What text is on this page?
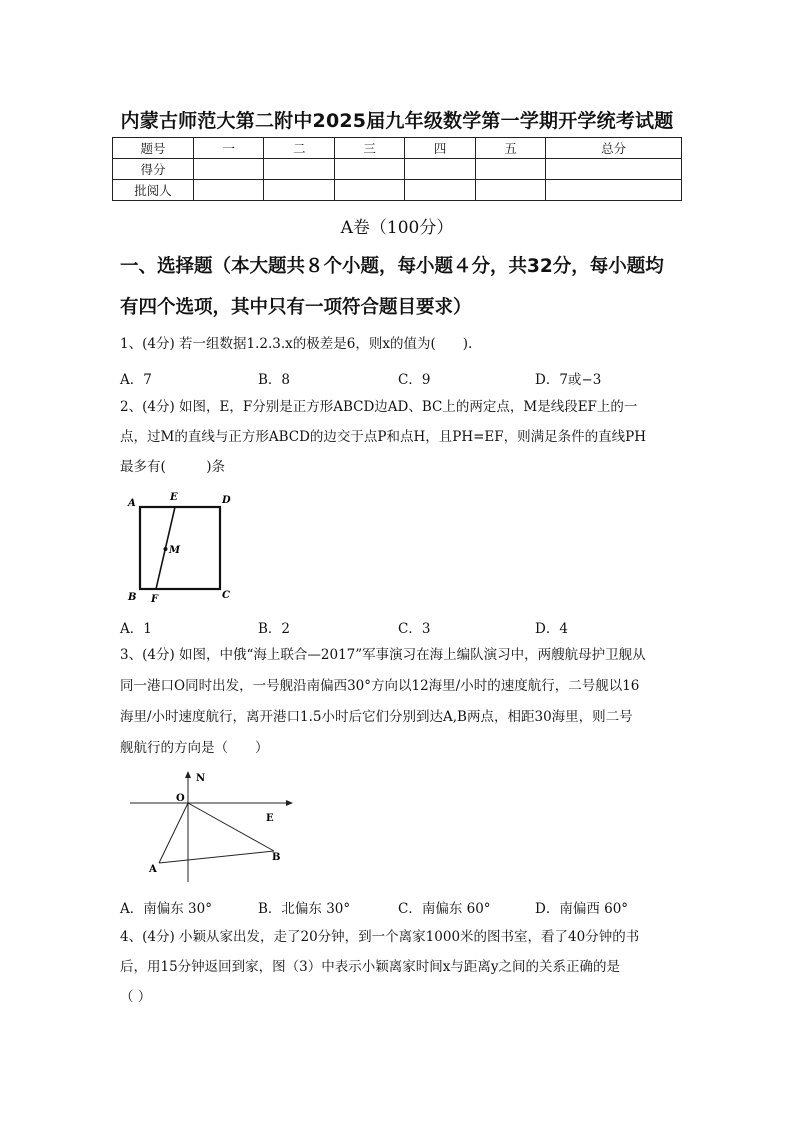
内蒙古师范大第二附中2025届九年级数学第一学期开学统考试题
题号	一	二	三	四	五	总分
得分						
批阅人						
A卷（100分）
一、选择题（本大题共８个小题，每小题４分，共32分，每小题均
有四个选项，其中只有一项符合题目要求）
1、(4分) 若一组数据1.2.3.x的极差是6，则x的值为(　　).
A．7	B．8	C．9	D．7或−3
2、(4分) 如图，E，F分别是正方形ABCD边AD、BC上的两定点，M是线段EF上的一
点，过M的直线与正方形ABCD的边交于点P和点H，且PH=EF，则满足条件的直线PH
最多有(　　　)条
A
E	D
M
B F	C
A．1	B．2	C．3	D．4
3、(4分) 如图，中俄“海上联合—2017”军事演习在海上编队演习中，两艘航母护卫舰从
同一港口O同时出发，一号舰沿南偏西30°方向以12海里/小时的速度航行，二号舰以16
海里/小时速度航行，离开港口1.5小时后它们分别到达A,B两点，相距30海里，则二号
舰航行的方向是（　　）
N
O
E
A
B
A．南偏东 30°	B．北偏东 30°	C．南偏东 60°	D．南偏西 60°
4、(4分) 小颖从家出发，走了20分钟，到一个离家1000米的图书室，看了40分钟的书
后，用15分钟返回到家，图（3）中表示小颖离家时间x与距离y之间的关系正确的是
（ ）
